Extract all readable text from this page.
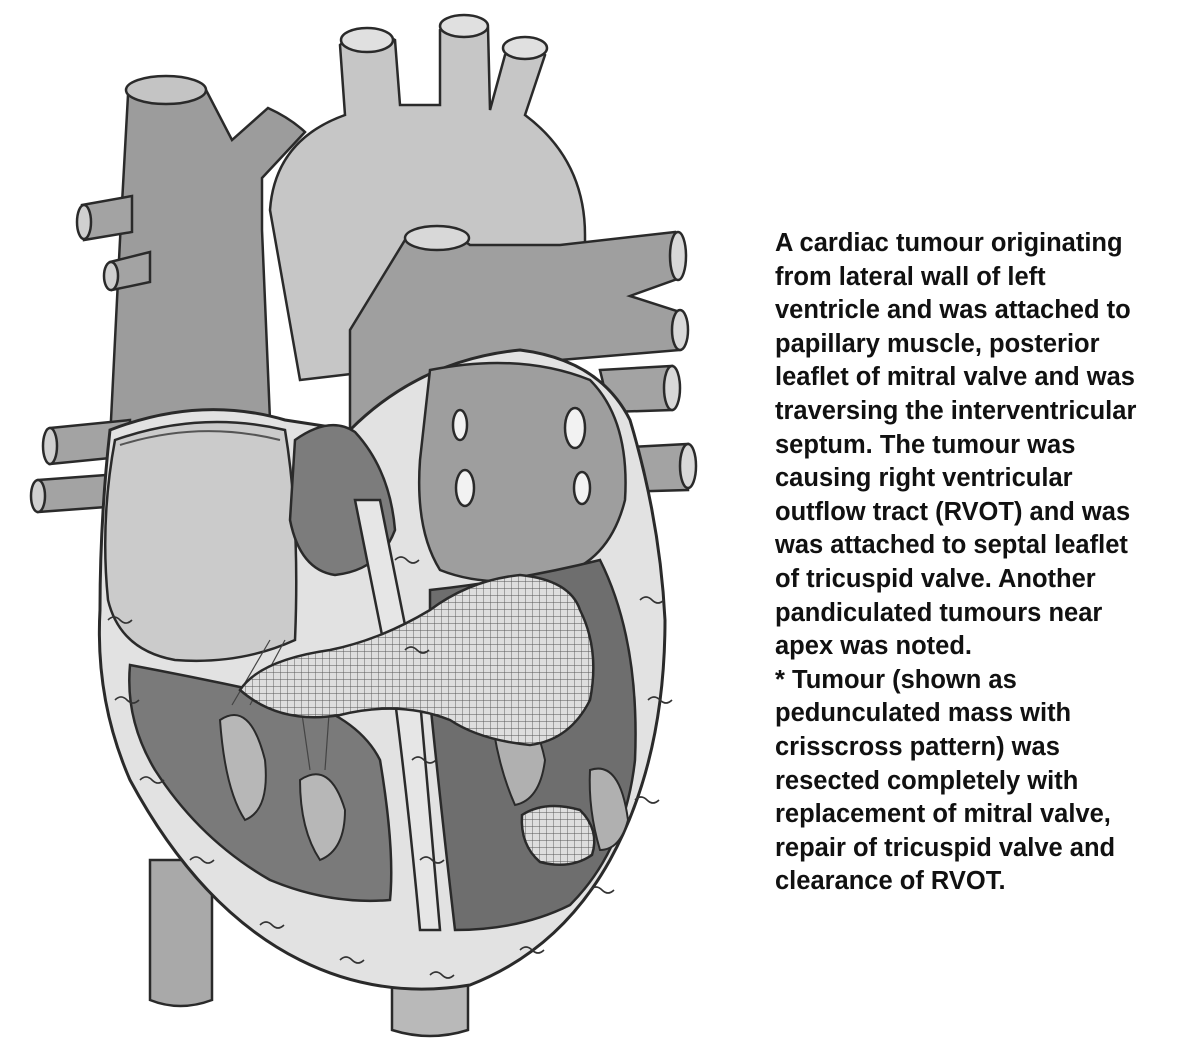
A cardiac tumour originating
from lateral wall of left
ventricle and was attached to
papillary muscle, posterior
leaflet of mitral valve and was
traversing the interventricular
septum. The tumour was
causing right ventricular
outflow tract (RVOT) and was
was attached to septal leaflet
of tricuspid valve. Another
pandiculated tumours near
apex was noted.
* Tumour (shown as
pedunculated mass with
crisscross pattern) was
resected completely with
replacement of mitral valve,
repair of tricuspid valve and
clearance of RVOT.
